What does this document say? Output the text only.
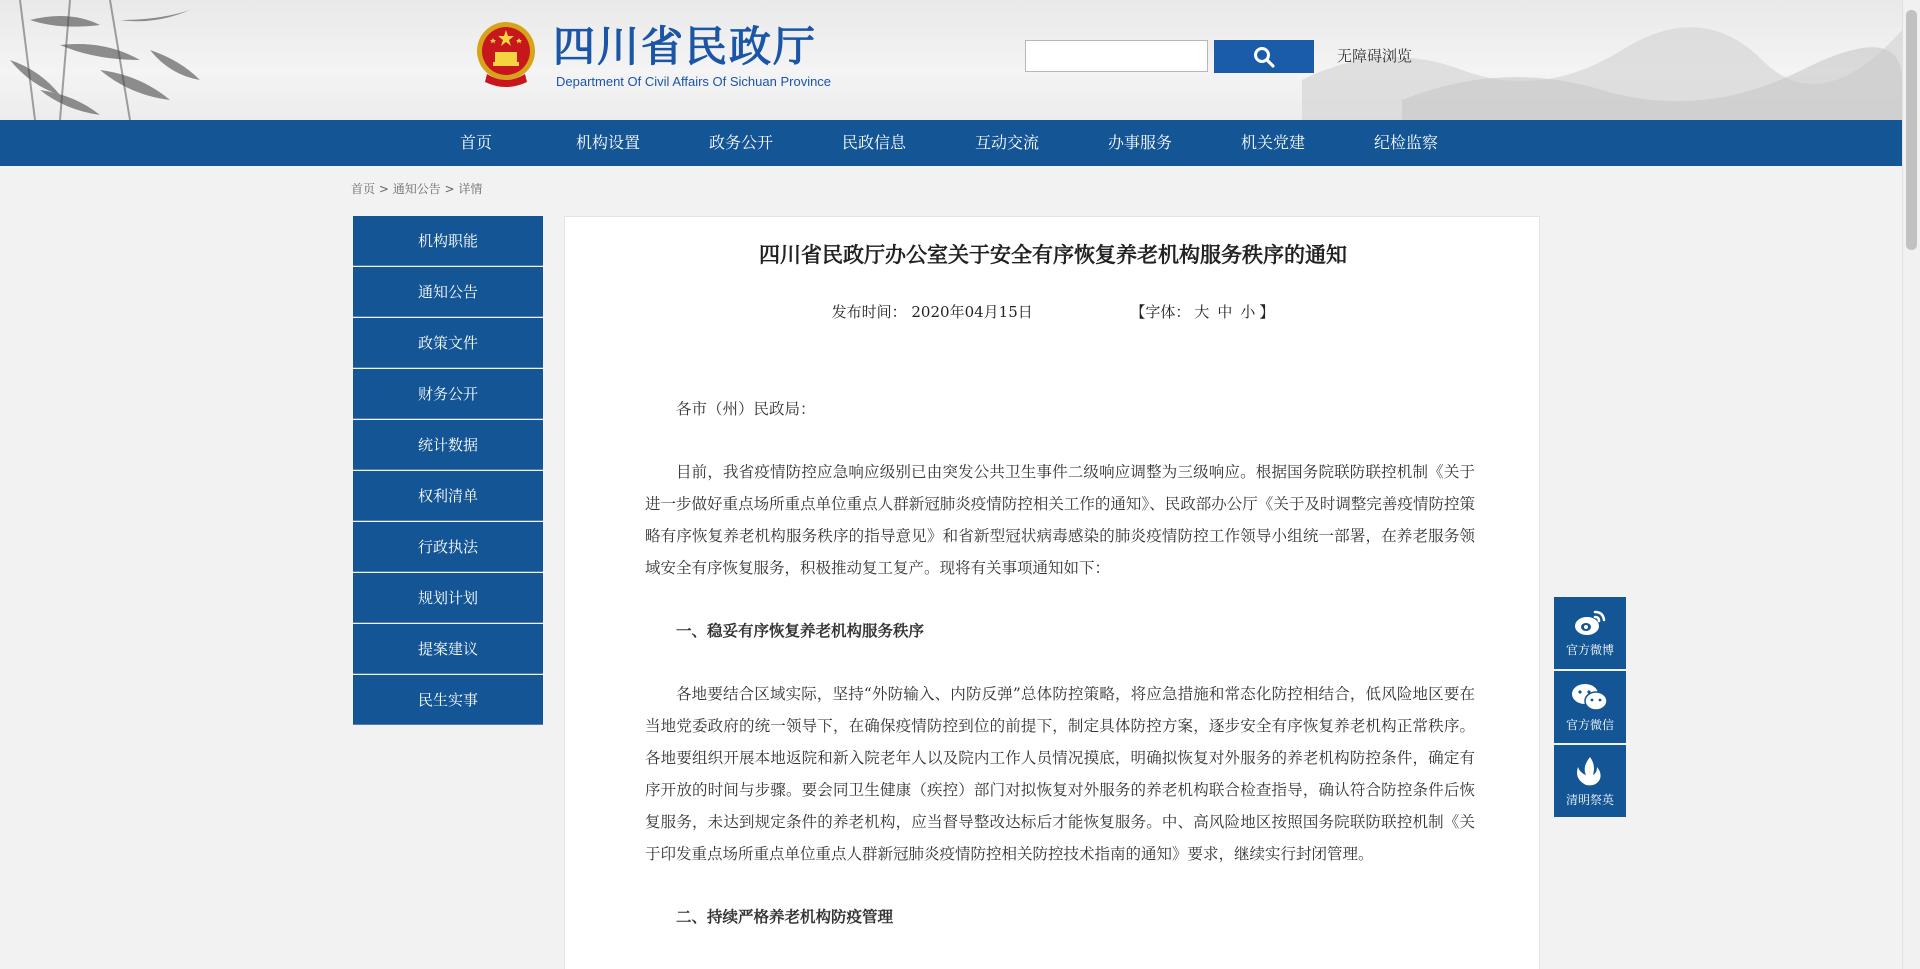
四川省民政厅
Department Of Civil Affairs Of Sichuan Province
无障碍浏览
首页	机构设置	政务公开	民政信息	互动交流	办事服务	机关党建	纪检监察
首页 > 通知公告 > 详情
机构职能
通知公告
政策文件
财务公开
统计数据
权利清单
行政执法
规划计划
提案建议
民生实事
四川省民政厅办公室关于安全有序恢复养老机构服务秩序的通知
发布时间： 2020年04月15日	【字体： 大 中 小 】

各市（州）民政局：

目前，我省疫情防控应急响应级别已由突发公共卫生事件二级响应调整为三级响应。根据国务院联防联控机制《关于进一步做好重点场所重点单位重点人群新冠肺炎疫情防控相关工作的通知》、民政部办公厅《关于及时调整完善疫情防控策略有序恢复养老机构服务秩序的指导意见》和省新型冠状病毒感染的肺炎疫情防控工作领导小组统一部署，在养老服务领域安全有序恢复服务，积极推动复工复产。现将有关事项通知如下：

一、稳妥有序恢复养老机构服务秩序

各地要结合区域实际，坚持“外防输入、内防反弹”总体防控策略，将应急措施和常态化防控相结合，低风险地区要在当地党委政府的统一领导下，在确保疫情防控到位的前提下，制定具体防控方案，逐步安全有序恢复养老机构正常秩序。各地要组织开展本地返院和新入院老年人以及院内工作人员情况摸底，明确拟恢复对外服务的养老机构防控条件，确定有序开放的时间与步骤。要会同卫生健康（疾控）部门对拟恢复对外服务的养老机构联合检查指导，确认符合防控条件后恢复服务，未达到规定条件的养老机构，应当督导整改达标后才能恢复服务。中、高风险地区按照国务院联防联控机制《关于印发重点场所重点单位重点人群新冠肺炎疫情防控相关防控技术指南的通知》要求，继续实行封闭管理。

二、持续严格养老机构防疫管理

官方微博
官方微信
清明祭英
